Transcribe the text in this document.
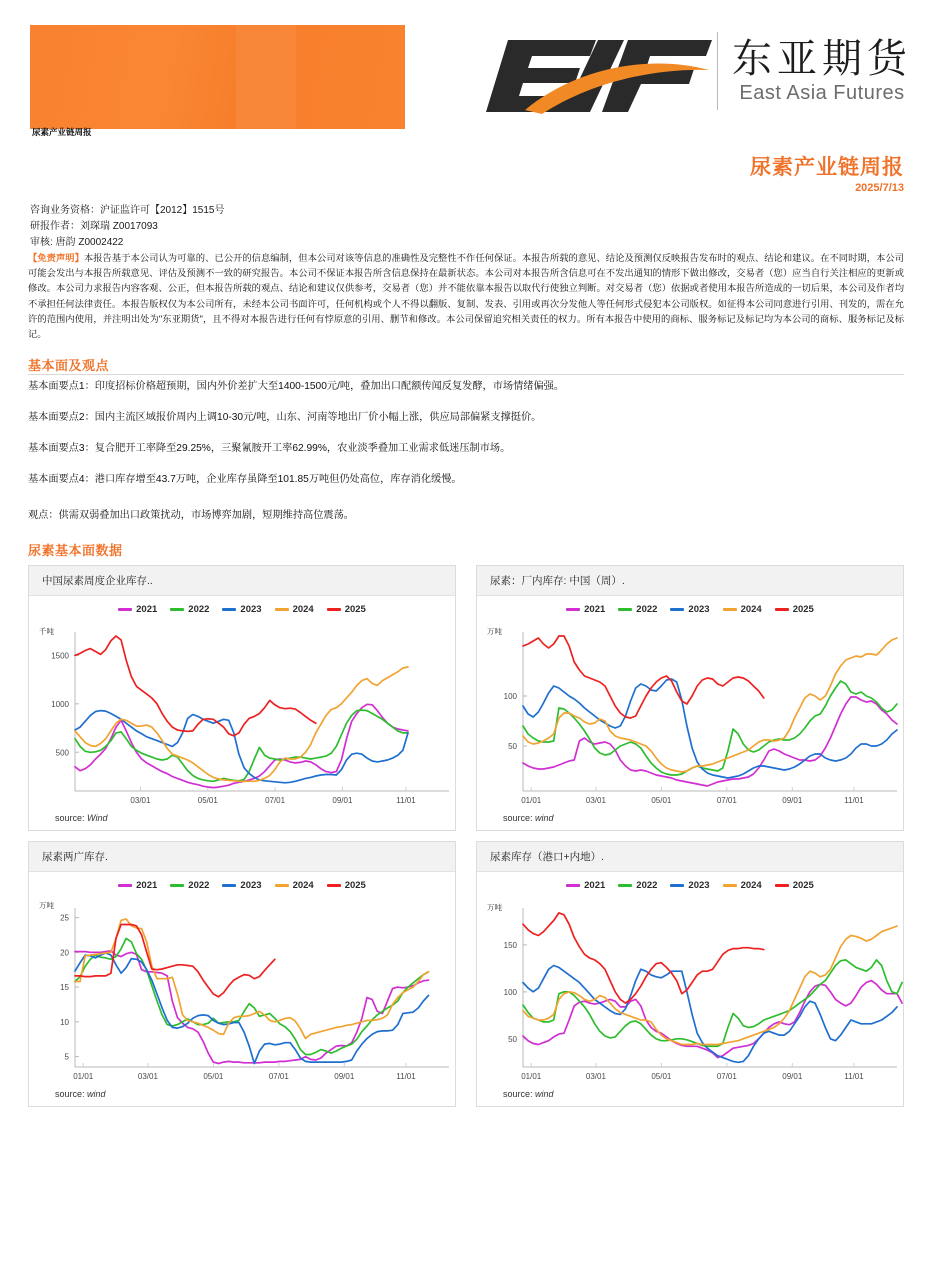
尿素产业链周报
东亚期货
East Asia Futures
尿素产业链周报
2025/7/13
咨询业务资格：沪证监许可【2012】1515号
研报作者：刘琛瑞 Z0017093
审核: 唐韵 Z0002422
【免责声明】本报告基于本公司认为可靠的、已公开的信息编制，但本公司对该等信息的准确性及完整性不作任何保证。本报告所载的意见、结论及预测仅反映报告发布时的观点、结论和建议。在不同时期，本公司可能会发出与本报告所载意见、评估及预测不一致的研究报告。本公司不保证本报告所含信息保持在最新状态。本公司对本报告所含信息可在不发出通知的情形下做出修改，交易者（您）应当自行关注相应的更新或修改。本公司力求报告内容客观、公正，但本报告所载的观点、结论和建议仅供参考，交易者（您）并不能依靠本报告以取代行使独立判断。对交易者（您）依据或者使用本报告所造成的一切后果，本公司及作者均不承担任何法律责任。本报告版权仅为本公司所有，未经本公司书面许可，任何机构或个人不得以翻版、复制、发表、引用或再次分发他人等任何形式侵犯本公司版权。如征得本公司同意进行引用、刊发的，需在允许的范围内使用，并注明出处为"东亚期货"，且不得对本报告进行任何有悖原意的引用、删节和修改。本公司保留追究相关责任的权力。所有本报告中使用的商标、服务标记及标记均为本公司的商标、服务标记及标记。
基本面及观点
基本面要点1：印度招标价格超预期，国内外价差扩大至1400-1500元/吨，叠加出口配额传闻反复发酵，市场情绪偏强。
基本面要点2：国内主流区域报价周内上调10-30元/吨，山东、河南等地出厂价小幅上涨，供应局部偏紧支撑挺价。
基本面要点3：复合肥开工率降至29.25%，三聚氰胺开工率62.99%，农业淡季叠加工业需求低迷压制市场。
基本面要点4：港口库存增至43.7万吨，企业库存虽降至101.85万吨但仍处高位，库存消化缓慢。
观点：供需双弱叠加出口政策扰动，市场博弈加剧，短期维持高位震荡。
尿素基本面数据
中国尿素周度企业库存..
2021	2022	2023	2024	2025
千吨
500
1000
1500
03/01	05/01	07/01	09/01	11/01
source: Wind
尿素：厂内库存: 中国（周）.
2021	2022	2023	2024	2025
万吨
50
100
01/01	03/01	05/01	07/01	09/01	11/01
source: wind
尿素两广库存.
2021	2022	2023	2024	2025
万吨
5
10
15
20
25
01/01	03/01	05/01	07/01	09/01	11/01
source: wind
尿素库存（港口+内地）.
2021	2022	2023	2024	2025
万吨
50
100
150
01/01	03/01	05/01	07/01	09/01	11/01
source: wind
